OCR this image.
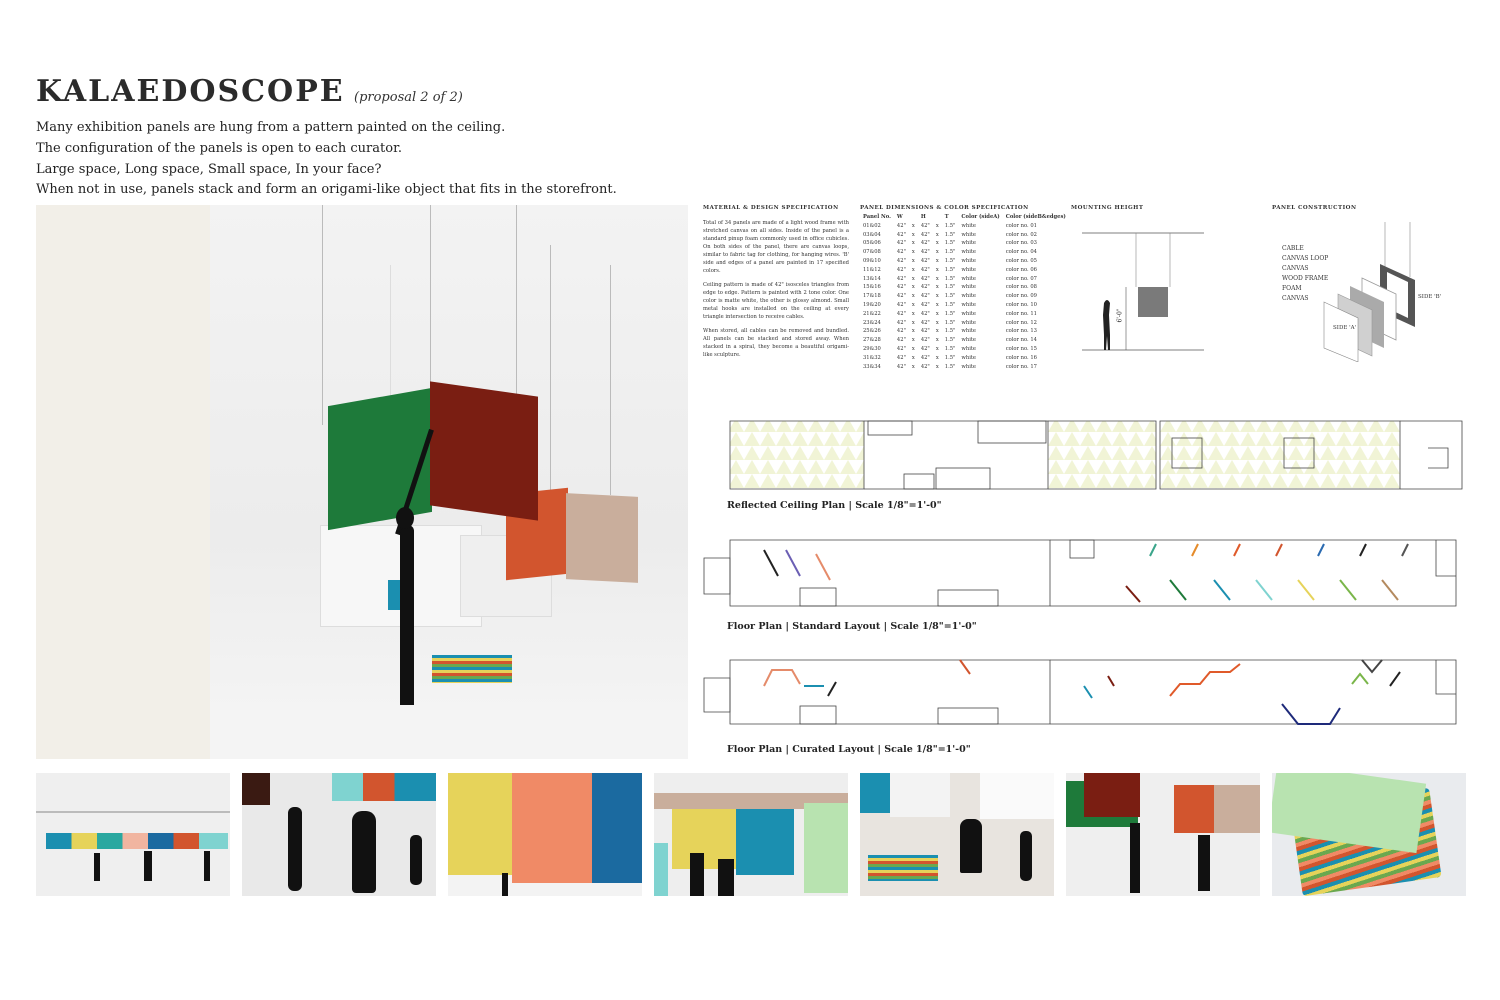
KALAEDOSCOPE (proposal 2 of 2)
Many exhibition panels are hung from a pattern painted on the ceiling.
The configuration of the panels is open to each curator.
Large space, Long space, Small space, In your face?
When not in use, panels stack and form an origami-like object that fits in the storefront.
MATERIAL & DESIGN SPECIFICATION

Total of 34 panels are made of a light wood frame with stretched canvas on all sides. Inside of the panel is a standard pinup foam commonly used in office cubicles. On both sides of the panel, there are canvas loops, similar to fabric tag for clothing, for hanging wires. 'B' side and edges of a panel are painted in 17 specified colors.

Ceiling pattern is made of 42" isosceles triangles from edge to edge. Pattern is painted with 2 tone color. One color is matte white, the other is glossy almond. Small metal hooks are installed on the ceiling at every triangle intersection to receive cables.

When stored, all cables can be removed and bundled. All panels can be stacked and stored away. When stacked in a spiral, they become a beautiful origami-like sculpture.

PANEL DIMENSIONS & COLOR SPECIFICATION
Panel No.	W		H		T	Color (sideA)	Color (sideB&edges)
01&02	42"	x	42"	x	1.5"	white	color no. 01
03&04	42"	x	42"	x	1.5"	white	color no. 02
05&06	42"	x	42"	x	1.5"	white	color no. 03
07&08	42"	x	42"	x	1.5"	white	color no. 04
09&10	42"	x	42"	x	1.5"	white	color no. 05
11&12	42"	x	42"	x	1.5"	white	color no. 06
13&14	42"	x	42"	x	1.5"	white	color no. 07
15&16	42"	x	42"	x	1.5"	white	color no. 08
17&18	42"	x	42"	x	1.5"	white	color no. 09
19&20	42"	x	42"	x	1.5"	white	color no. 10
21&22	42"	x	42"	x	1.5"	white	color no. 11
23&24	42"	x	42"	x	1.5"	white	color no. 12
25&26	42"	x	42"	x	1.5"	white	color no. 13
27&28	42"	x	42"	x	1.5"	white	color no. 14
29&30	42"	x	42"	x	1.5"	white	color no. 15
31&32	42"	x	42"	x	1.5"	white	color no. 16
33&34	42"	x	42"	x	1.5"	white	color no. 17
MOUNTING HEIGHT
6'-0"
PANEL CONSTRUCTION
CABLE
CANVAS LOOP
CANVAS
WOOD FRAME
FOAM
CANVAS	SIDE 'B'
SIDE 'A'
Reflected Ceiling Plan | Scale 1/8"=1'-0"
Floor Plan | Standard Layout | Scale 1/8"=1'-0"
Floor Plan | Curated Layout | Scale 1/8"=1'-0"
